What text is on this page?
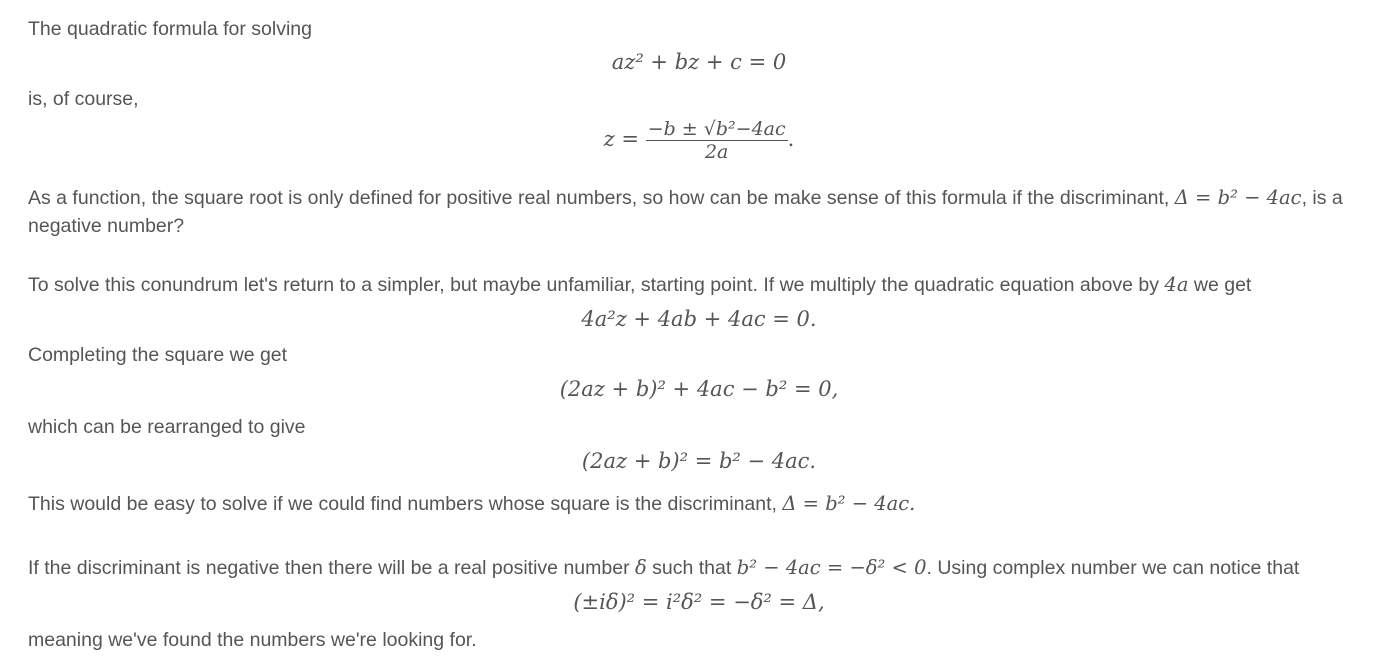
The quadratic formula for solving
az² + bz + c = 0
is, of course,
$z = \frac{\text{−b ± √b²−4ac}}{2a}$ .
As a function, the square root is only defined for positive real numbers, so how can be make sense of this formula if the discriminant, Δ = b² − 4ac, is a negative number?
To solve this conundrum let's return to a simpler, but maybe unfamiliar, starting point. If we multiply the quadratic equation above by 4a we get
4a²z + 4ab + 4ac = 0.
Completing the square we get
(2az + b)² + 4ac − b² = 0,
which can be rearranged to give
(2az + b)² = b² − 4ac.
This would be easy to solve if we could find numbers whose square is the discriminant, Δ = b² − 4ac.
If the discriminant is negative then there will be a real positive number δ such that b² − 4ac = −δ² < 0. Using complex number we can notice that
(±iδ)² = i²δ² = −δ² = Δ,
meaning we've found the numbers we're looking for.
